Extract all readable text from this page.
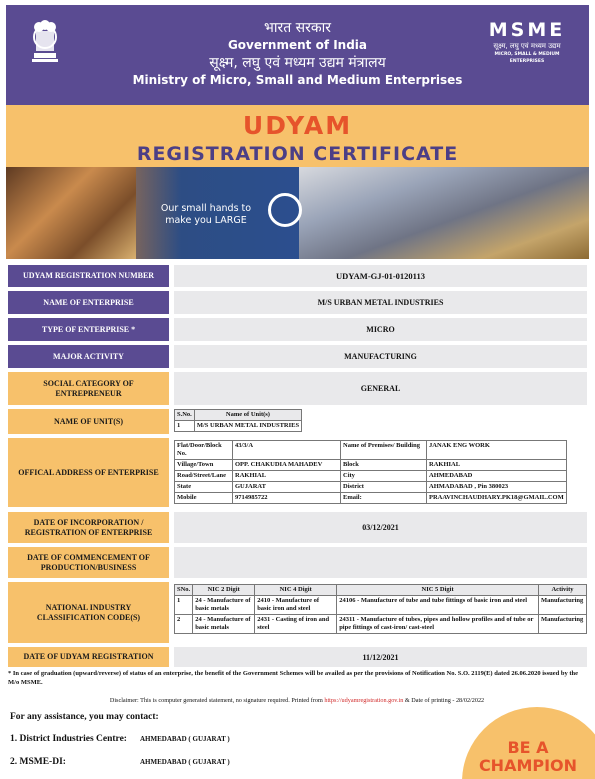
भारत सरकार
Government of India
सूक्ष्म, लघु एवं मध्यम उद्यम मंत्रालय
Ministry of Micro, Small and Medium Enterprises
MSME
सूक्ष्म, लघु एवं मध्यम उद्यम
MICRO, SMALL & MEDIUM ENTERPRISES
UDYAM
REGISTRATION CERTIFICATE
Our small hands to make you LARGE
UDYAM REGISTRATION NUMBER	UDYAM-GJ-01-0120113
NAME OF ENTERPRISE	M/S URBAN METAL INDUSTRIES
TYPE OF ENTERPRISE *	MICRO
MAJOR ACTIVITY	MANUFACTURING
SOCIAL CATEGORY OF ENTREPRENEUR	GENERAL
NAME OF UNIT(S)
S.No.	Name of Unit(s)
1	M/S URBAN METAL INDUSTRIES
OFFICAL ADDRESS OF ENTERPRISE
Flat/Door/Block No.	43/3/A	Name of Premises/ Building	JANAK ENG WORK
Village/Town	OPP. CHAKUDIA MAHADEV	Block	RAKHIAL
Road/Street/Lane	RAKHIAL	City	AHMEDABAD
State	GUJARAT	District	AHMADABAD , Pin 380023
Mobile	9714985722	Email:	PRAAVINCHAUDHARY.PK18@GMAIL.COM
DATE OF INCORPORATION / REGISTRATION OF ENTERPRISE	03/12/2021
DATE OF COMMENCEMENT OF PRODUCTION/BUSINESS
NATIONAL INDUSTRY CLASSIFICATION CODE(S)
SNo.	NIC 2 Digit	NIC 4 Digit	NIC 5 Digit	Activity
1	24 - Manufacture of basic metals	2410 - Manufacture of basic iron and steel	24106 - Manufacture of tube and tube fittings of basic iron and steel	Manufacturing
2	24 - Manufacture of basic metals	2431 - Casting of iron and steel	24311 - Manufacture of tubes, pipes and hollow profiles and of tube or pipe fittings of cast-iron/ cast-steel	Manufacturing
DATE OF UDYAM REGISTRATION	11/12/2021
* In case of graduation (upward/reverse) of status of an enterprise, the benefit of the Government Schemes will be availed as per the provisions of Notification No. S.O. 2119(E) dated 26.06.2020 issued by the M/o MSME.
Disclaimer: This is computer generated statement, no signature required. Printed from https://udyamregistration.gov.in & Date of printing - 28/02/2022
For any assistance, you may contact:
1. District Industries Centre: AHMEDABAD ( GUJARAT )
2. MSME-DI:	AHMEDABAD ( GUJARAT )
BE A
CHAMPION
